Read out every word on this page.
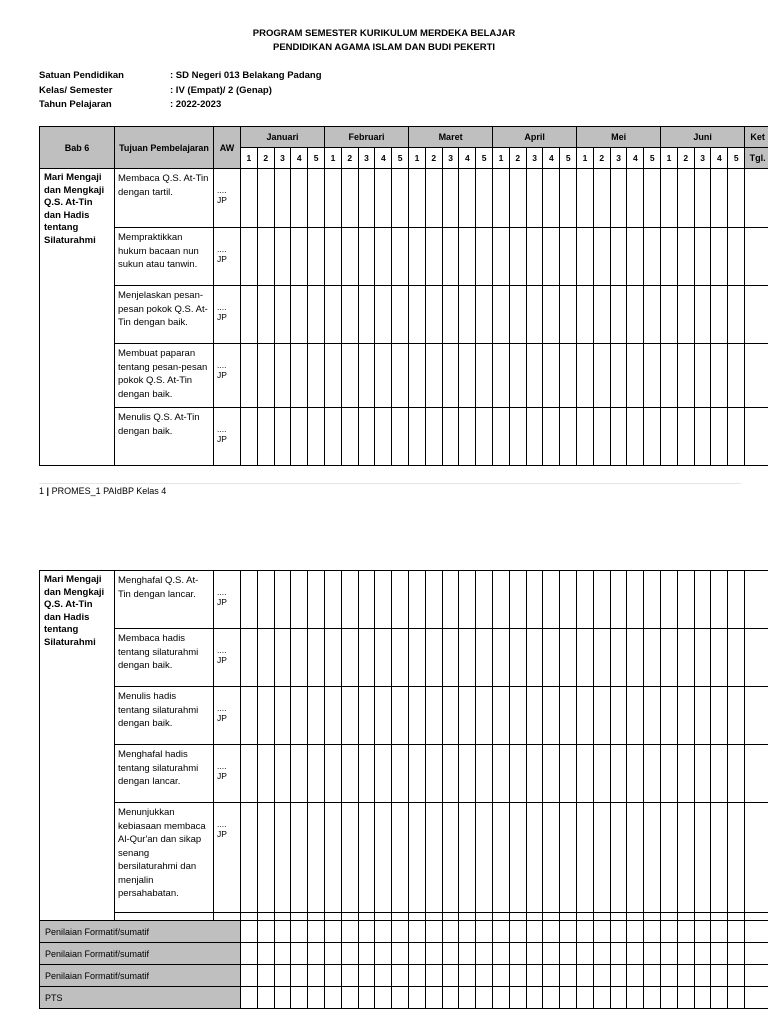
PROGRAM SEMESTER KURIKULUM MERDEKA BELAJAR
PENDIDIKAN AGAMA ISLAM DAN BUDI PEKERTI
Satuan Pendidikan	: SD Negeri 013 Belakang Padang
Kelas/ Semester	: IV (Empat)/ 2 (Genap)
Tahun Pelajaran	: 2022-2023
Bab 6	Tujuan Pembelajaran	AW	Januari					Februari					Maret					April					Mei					Juni					Ket
			1	2	3	4	5	1	2	3	4	5	1	2	3	4	5	1	2	3	4	5	1	2	3	4	5	1	2	3	4	5	Tgl.
Mari Mengaji dan Mengkaji Q.S. At-Tin dan Hadis tentang Silaturahmi	Membaca Q.S. At-Tin dengan tartil.	....
JP																															

	Mempraktikkan hukum bacaan nun sukun atau tanwin.	....
JP																															

	Menjelaskan pesan-pesan pokok Q.S. At-Tin dengan baik.	....
JP																															

	Membuat paparan tentang pesan-pesan pokok Q.S. At-Tin dengan baik.	....
JP																															

	Menulis Q.S. At-Tin dengan baik.	....
JP																															

1 | PROMES_1 PAIdBP Kelas 4
Mari Mengaji dan Mengkaji Q.S. At-Tin dan Hadis tentang Silaturahmi	Menghafal Q.S. At-Tin dengan lancar.	....
JP																															

	Membaca hadis tentang silaturahmi dengan baik.	....
JP																															

	Menulis hadis tentang silaturahmi dengan baik.	....
JP																															

	Menghafal hadis tentang silaturahmi dengan lancar.	....
JP																															

	Menunjukkan kebiasaan membaca Al-Qur'an dan sikap senang bersilaturahmi dan menjalin persahabatan.	....
JP																															

Penilaian Formatif/sumatif																																	
Penilaian Formatif/sumatif																																	
Penilaian Formatif/sumatif																																	
PTS																																	
